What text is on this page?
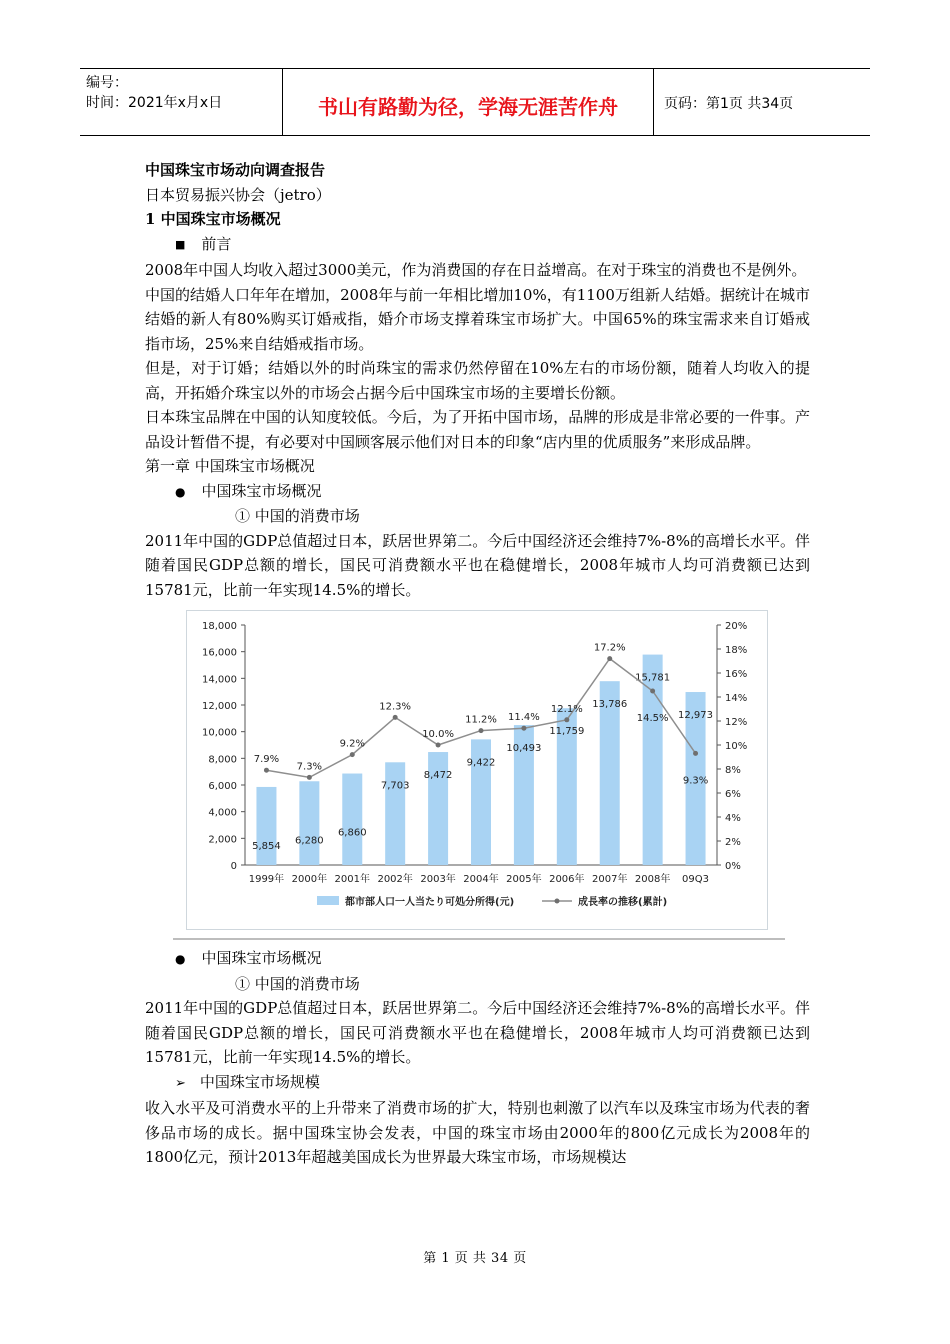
编号：
时间：2021年x月x日	书山有路勤为径，学海无涯苦作舟	页码：第1页 共34页

中国珠宝市场动向调查报告

日本贸易振兴协会（jetro）

1 中国珠宝市场概况

■ 前言

2008年中国人均收入超过3000美元，作为消费国的存在日益增高。在对于珠宝的消费也不是例外。

中国的结婚人口年年在增加，2008年与前一年相比增加10%，有1100万组新人结婚。据统计在城市结婚的新人有80%购买订婚戒指，婚介市场支撑着珠宝市场扩大。中国65%的珠宝需求来自订婚戒指市场，25%来自结婚戒指市场。

但是，对于订婚；结婚以外的时尚珠宝的需求仍然停留在10%左右的市场份额，随着人均收入的提高，开拓婚介珠宝以外的市场会占据今后中国珠宝市场的主要增长份额。

日本珠宝品牌在中国的认知度较低。今后，为了开拓中国市场，品牌的形成是非常必要的一件事。产品设计暂借不提，有必要对中国顾客展示他们对日本的印象“店内里的优质服务”来形成品牌。

第一章 中国珠宝市场概况

● 中国珠宝市场概况

① 中国的消费市场

2011年中国的GDP总值超过日本，跃居世界第二。今后中国经济还会维持7%-8%的高增长水平。伴随着国民GDP总额的增长，国民可消费额水平也在稳健增长，2008年城市人均可消费额已达到15781元，比前一年实现14.5%的增长。

0
2,000
4,000
6,000
8,000
10,000
12,000
14,000
16,000
18,000
0%
2%
4%
6%
8%
10%
12%
14%
16%
18%
20%
5,854
1999年
6,280
2000年
6,860
2001年
7,703
2002年
8,472
2003年
9,422
2004年
10,493
2005年
11,759
2006年
13,786
2007年
15,781
2008年
12,973
09Q3
7.9%
7.3%
9.2%
12.3%
10.0%
11.2% 11.4%
12.1%
17.2%
14.5%
9.3%
都市部人口一人当たり可処分所得(元)	成長率の推移(累計)

● 中国珠宝市场概况

① 中国的消费市场

2011年中国的GDP总值超过日本，跃居世界第二。今后中国经济还会维持7%-8%的高增长水平。伴随着国民GDP总额的增长，国民可消费额水平也在稳健增长，2008年城市人均可消费额已达到15781元，比前一年实现14.5%的增长。

➢ 中国珠宝市场规模

收入水平及可消费水平的上升带来了消费市场的扩大，特别也刺激了以汽车以及珠宝市场为代表的奢侈品市场的成长。据中国珠宝协会发表，中国的珠宝市场由2000年的800亿元成长为2008年的1800亿元，预计2013年超越美国成长为世界最大珠宝市场，市场规模达

第 1 页 共 34 页
